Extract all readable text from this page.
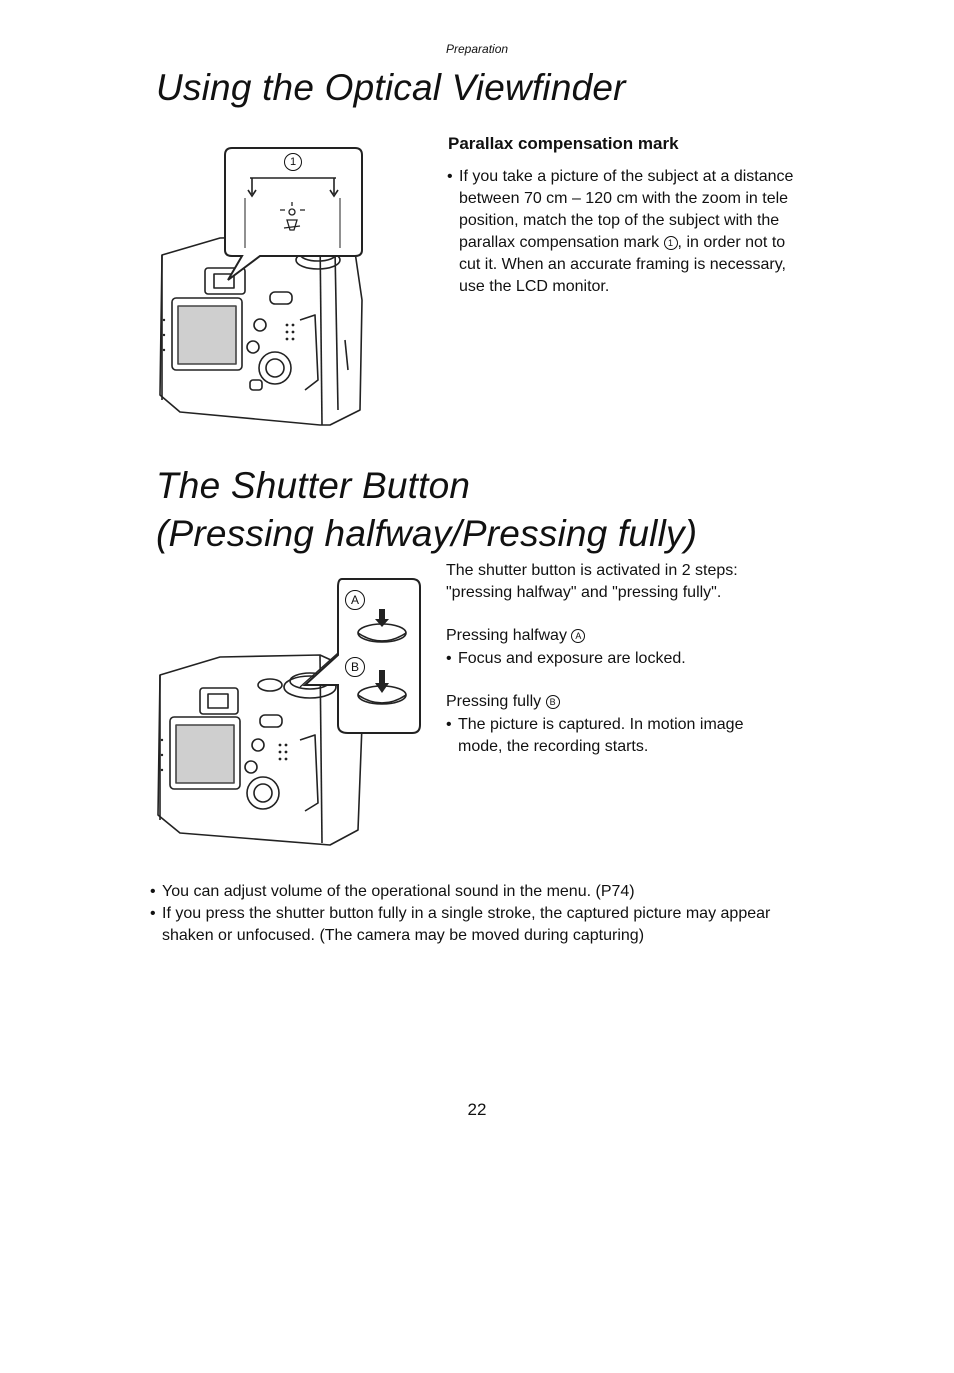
Preparation
Using the Optical Viewfinder
1
Parallax compensation mark
• If you take a picture of the subject at a distance between 70 cm – 120 cm with the zoom in tele position, match the top of the subject with the parallax compensation mark 1 , in order not to cut it. When an accurate framing is necessary, use the LCD monitor.
The Shutter Button
(Pressing halfway/Pressing fully)
A
B
The shutter button is activated in 2 steps: "pressing halfway" and "pressing fully".
Pressing halfway A
• Focus and exposure are locked.
Pressing fully B
• The picture is captured. In motion image mode, the recording starts.
• You can adjust volume of the operational sound in the menu. (P74)
• If you press the shutter button fully in a single stroke, the captured picture may appear shaken or unfocused. (The camera may be moved during capturing)
22
